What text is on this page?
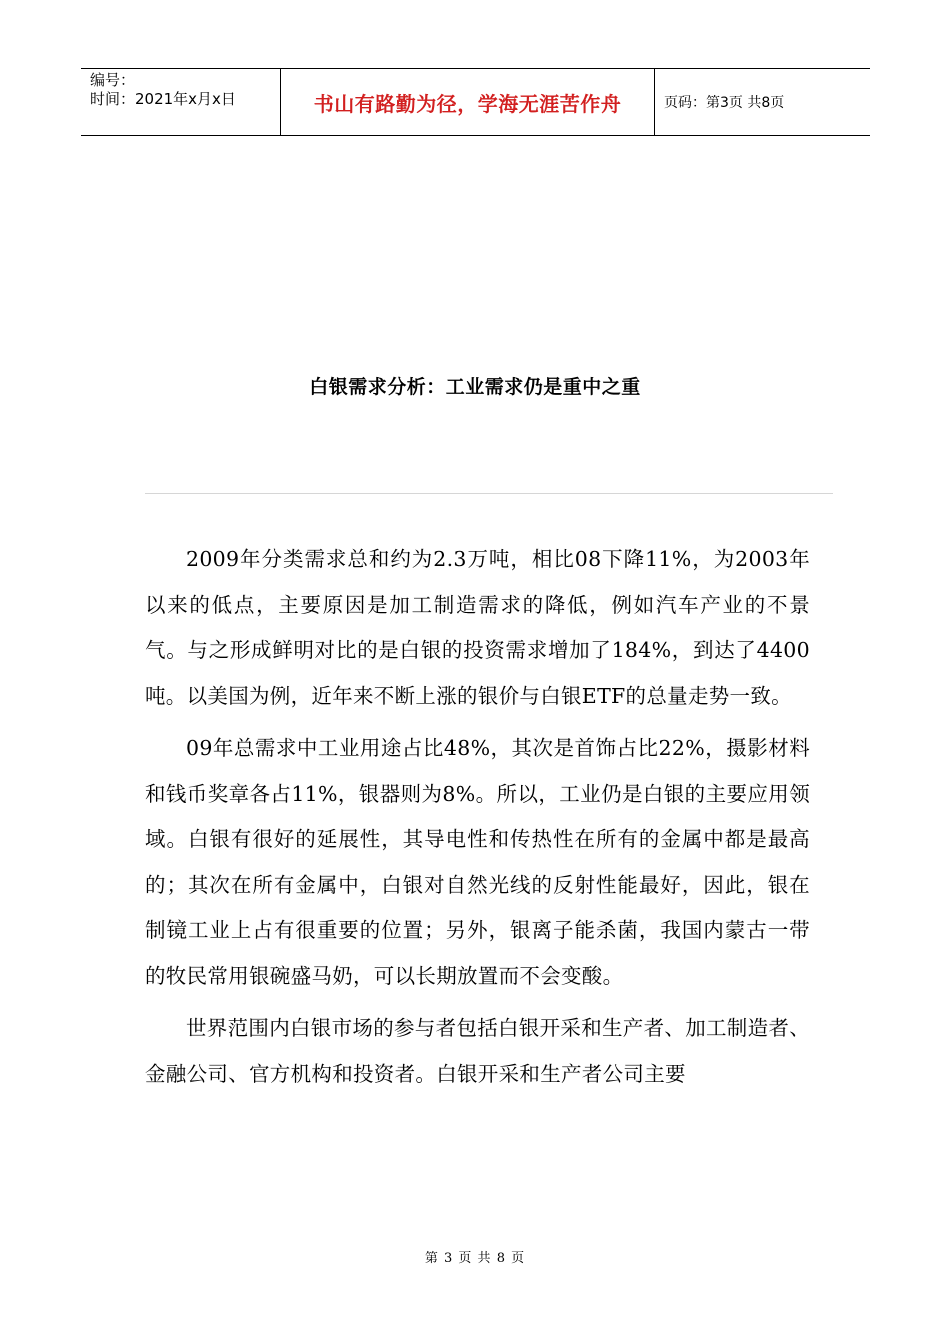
编号：
时间：2021年x月x日	书山有路勤为径，学海无涯苦作舟	页码：第3页 共8页
白银需求分析：工业需求仍是重中之重

2009年分类需求总和约为2.3万吨，相比08下降11%，为2003年以来的低点，主要原因是加工制造需求的降低，例如汽车产业的不景气。与之形成鲜明对比的是白银的投资需求增加了184%，到达了4400吨。以美国为例，近年来不断上涨的银价与白银ETF的总量走势一致。

09年总需求中工业用途占比48%，其次是首饰占比22%，摄影材料和钱币奖章各占11%，银器则为8%。所以，工业仍是白银的主要应用领域。白银有很好的延展性，其导电性和传热性在所有的金属中都是最高的；其次在所有金属中，白银对自然光线的反射性能最好，因此，银在制镜工业上占有很重要的位置；另外，银离子能杀菌，我国内蒙古一带的牧民常用银碗盛马奶，可以长期放置而不会变酸。

世界范围内白银市场的参与者包括白银开采和生产者、加工制造者、金融公司、官方机构和投资者。白银开采和生产者公司主要

第 3 页 共 8 页
